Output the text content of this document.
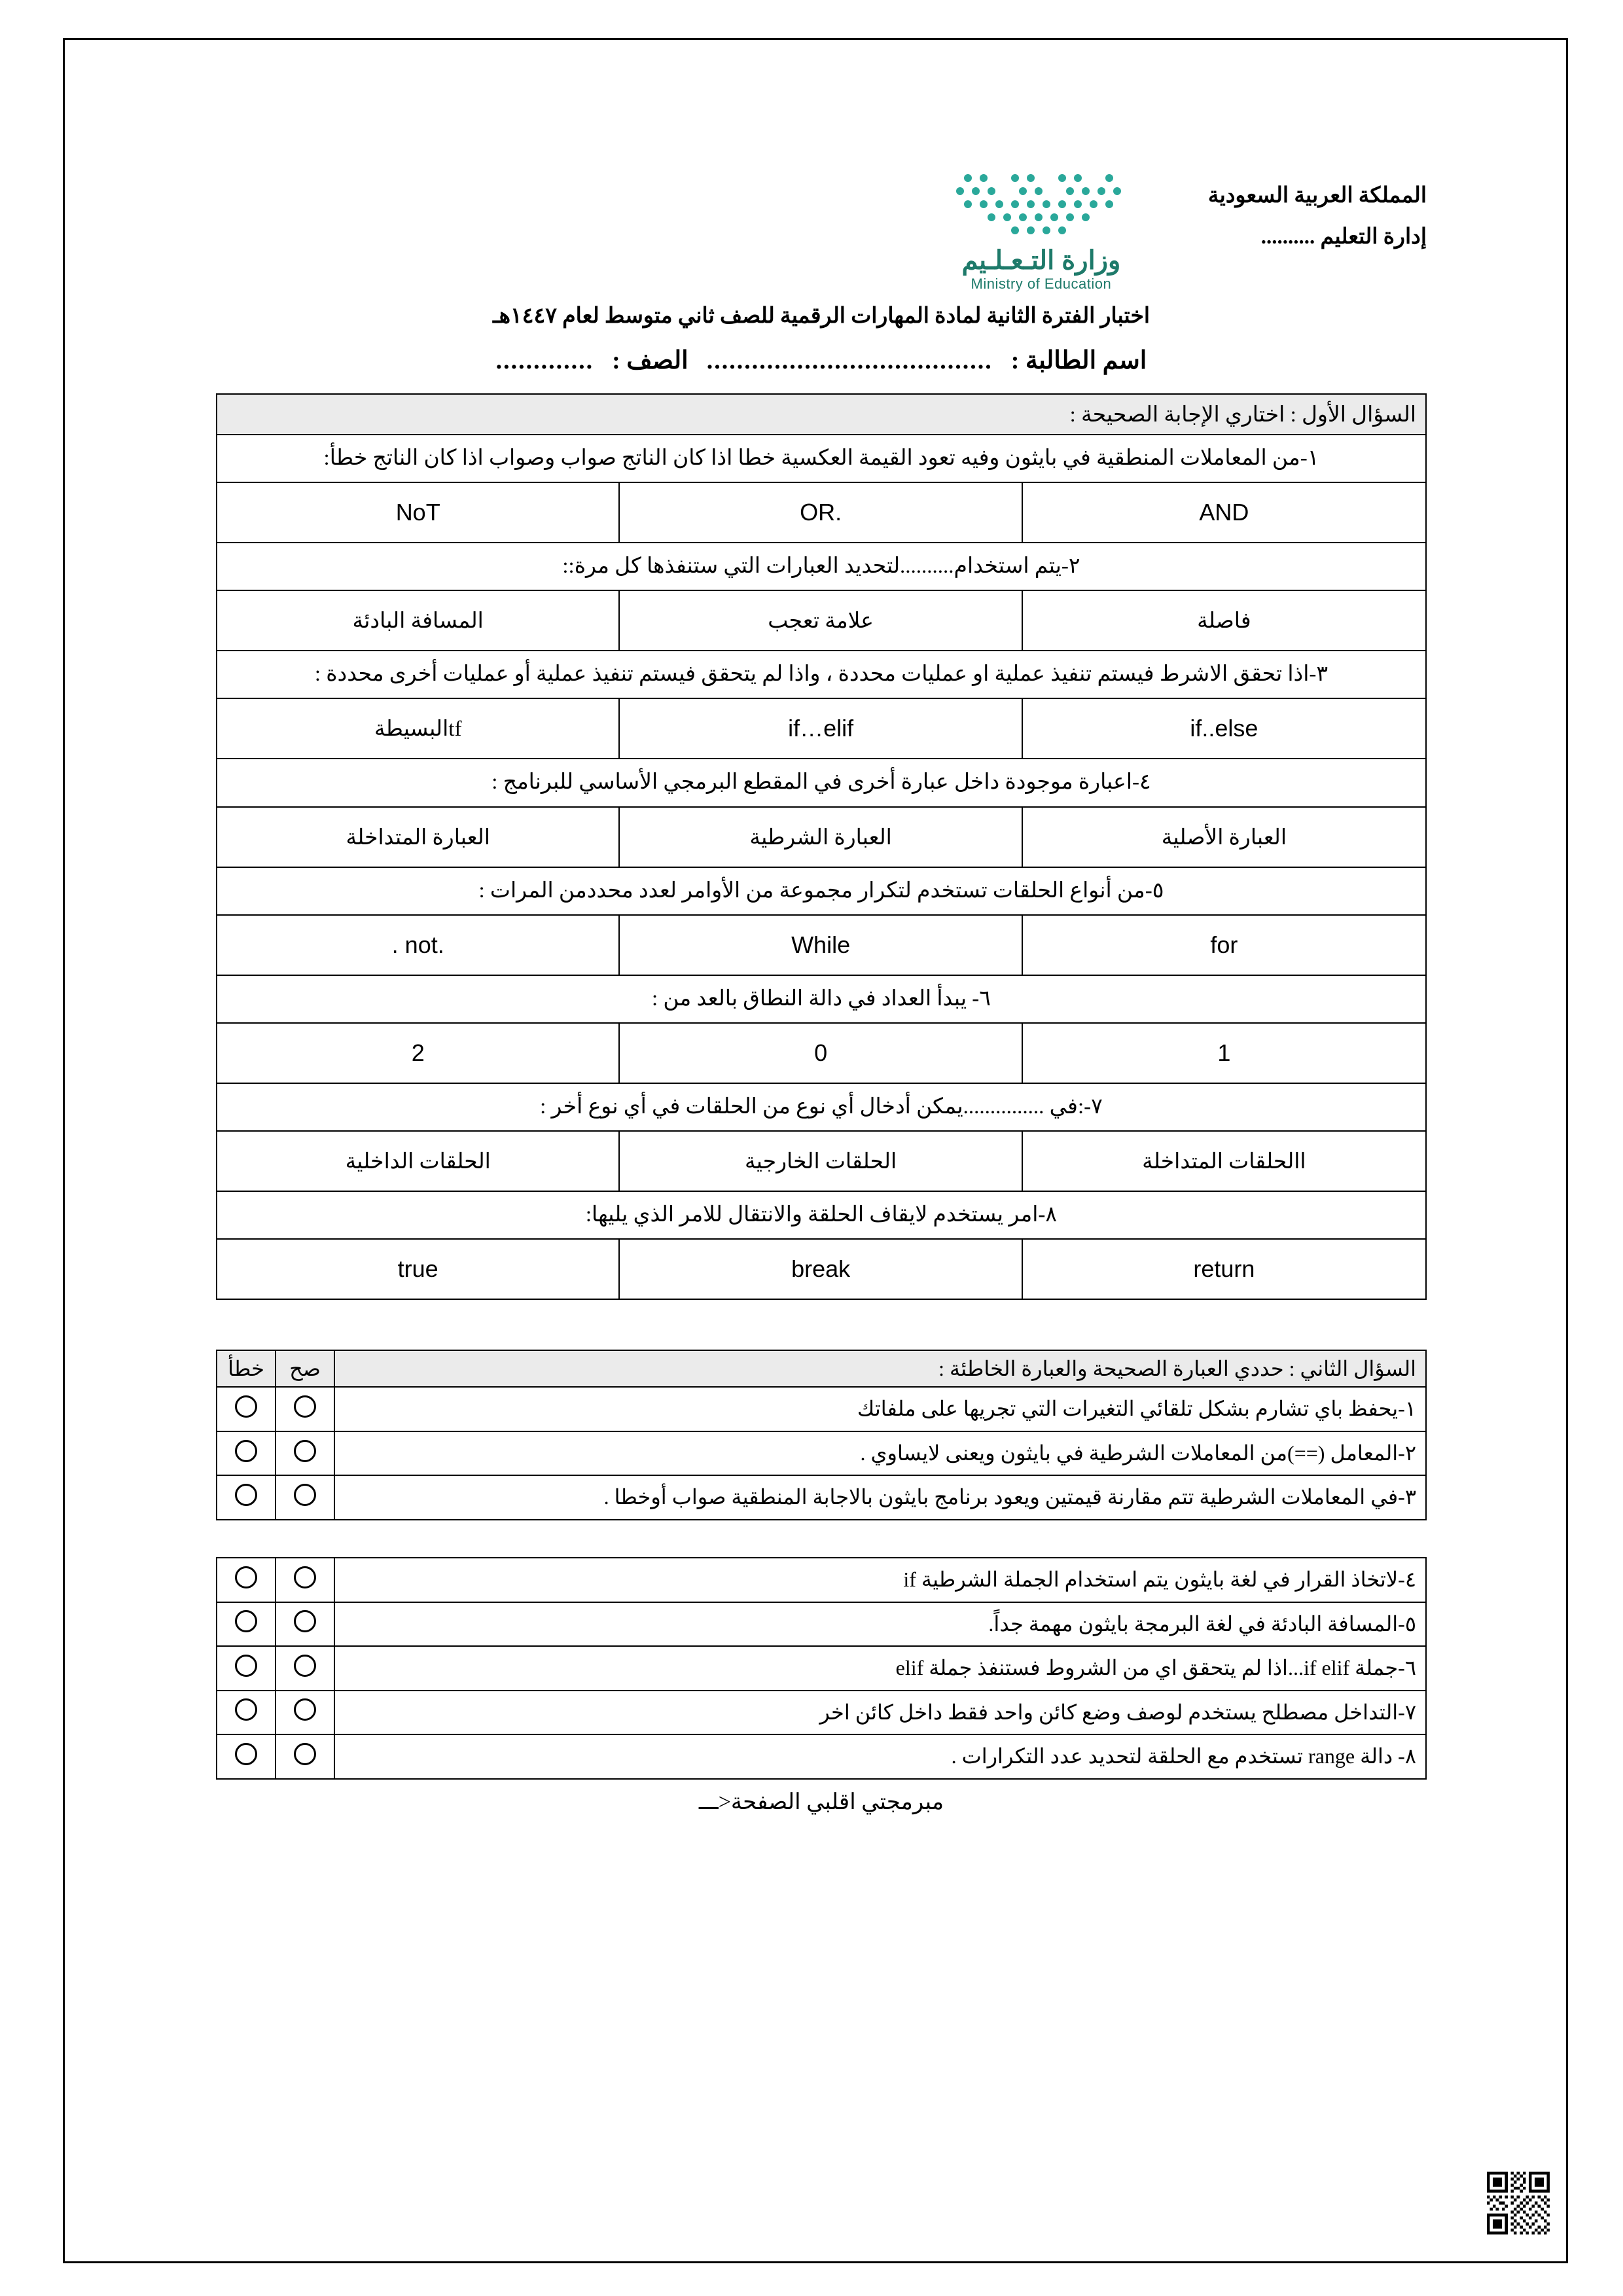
المملكة العربية السعودية
إدارة التعليم ..........
وزارة التـعـلـيم
Ministry of Education
اختبار الفترة الثانية لمادة المهارات الرقمية للصف ثاني متوسط لعام ١٤٤٧هـ
اسم الطالبة :
......................................
الصف :
.............
السؤال الأول : اختاري الإجابة الصحيحة :		
١-من المعاملات المنطقية في بايثون وفيه تعود القيمة العكسية خطا اذا كان الناتج صواب وصواب اذا كان الناتج خطأ:		
AND	OR.	NoT
٢-يتم استخدام..........لتحديد العبارات التي ستنفذها كل مرة::		
فاصلة	علامة تعجب	المسافة البادئة
٣-اذا تحقق الاشرط فيستم تنفيذ عملية او عمليات محددة ، واذا لم يتحقق فيستم تنفيذ عملية أو عمليات أخرى محددة :		
if..else	if…elif	tfالبسيطة
٤-اعبارة موجودة داخل عبارة أخرى في المقطع البرمجي الأساسي للبرنامج :		
العبارة الأصلية	العبارة الشرطية	العبارة المتداخلة
٥-من أنواع الحلقات تستخدم لتكرار مجموعة من الأوامر لعدد محددمن المرات :		
for	While	. not.
٦- يبدأ العداد في دالة النطاق بالعد من :		
1	0	2
٧-:في ...............يمكن أدخال أي نوع من الحلقات في أي نوع أخر :		
االحلقات المتداخلة	الحلقات الخارجية	الحلقات الداخلية
٨-امر يستخدم لايقاف الحلقة والانتقال للامر الذي يليها:		
return	break	true
السؤال الثاني : حددي العبارة الصحيحة والعبارة الخاطئة :	صح	خطأ
١-يحفظ باي تشارم بشكل تلقائي التغيرات التي تجريها على ملفاتك		
٢-المعامل (==)من المعاملات الشرطية في بايثون ويعنى لايساوي .		
٣-في المعاملات الشرطية تتم مقارنة قيمتين ويعود برنامج بايثون بالاجابة المنطقية صواب أوخطا .		
٤-لاتخاذ القرار في لغة بايثون يتم استخدام الجملة الشرطية if		
٥-المسافة البادئة في لغة البرمجة بايثون مهمة جداً.		
٦-جملة if elif...اذا لم يتحقق اي من الشروط فستنفذ جملة elif		
٧-التداخل مصطلح يستخدم لوصف وضع كائن واحد فقط داخل كائن اخر		
٨- دالة range تستخدم مع الحلقة لتحديد عدد التكرارات .		
مبرمجتي اقلبي الصفحة<ـــ
